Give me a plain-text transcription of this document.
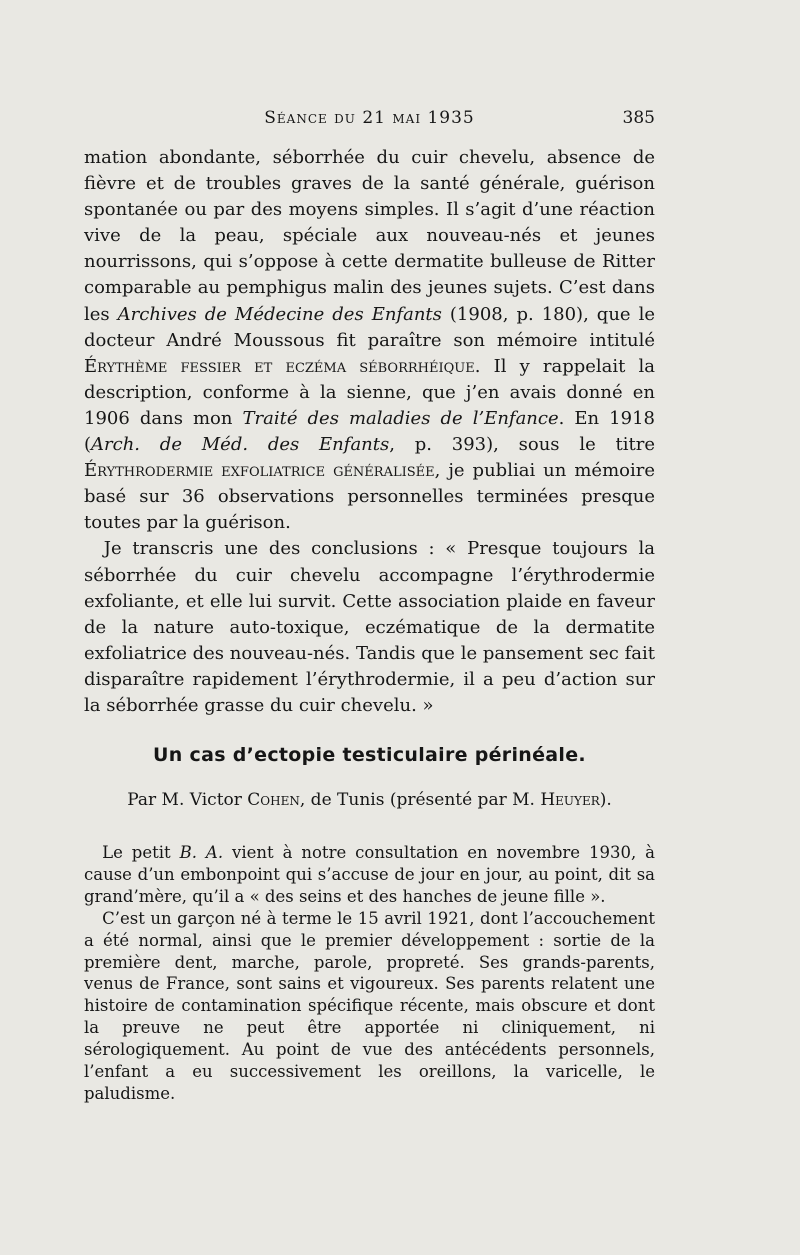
Séance du 21 mai 1935	385

mation abondante, séborrhée du cuir chevelu, absence de fièvre et de troubles graves de la santé générale, guérison spontanée ou par des moyens simples. Il s’agit d’une réaction vive de la peau, spéciale aux nouveau-nés et jeunes nourrissons, qui s’oppose à cette dermatite bulleuse de Ritter comparable au pemphigus malin des jeunes sujets. C’est dans les Archives de Médecine des Enfants (1908, p. 180), que le docteur André Moussous fit paraître son mémoire intitulé Érythème fessier et eczéma séborrhéique. Il y rappelait la description, conforme à la sienne, que j’en avais donné en 1906 dans mon Traité des maladies de l’Enfance. En 1918 (Arch. de Méd. des Enfants, p. 393), sous le titre Érythrodermie exfoliatrice généralisée, je publiai un mémoire basé sur 36 observations personnelles terminées presque toutes par la guérison.

Je transcris une des conclusions : « Presque toujours la séborrhée du cuir chevelu accompagne l’érythrodermie exfoliante, et elle lui survit. Cette association plaide en faveur de la nature auto-toxique, eczématique de la dermatite exfoliatrice des nouveau-nés. Tandis que le pansement sec fait disparaître rapidement l’érythrodermie, il a peu d’action sur la séborrhée grasse du cuir chevelu. »

Un cas d’ectopie testiculaire périnéale.
Par M. Victor Cohen, de Tunis (présenté par M. Heuyer).

Le petit B. A. vient à notre consultation en novembre 1930, à cause d’un embonpoint qui s’accuse de jour en jour, au point, dit sa grand’mère, qu’il a « des seins et des hanches de jeune fille ».

C’est un garçon né à terme le 15 avril 1921, dont l’accouchement a été normal, ainsi que le premier développement : sortie de la première dent, marche, parole, propreté. Ses grands-parents, venus de France, sont sains et vigoureux. Ses parents relatent une histoire de contamination spécifique récente, mais obscure et dont la preuve ne peut être apportée ni cliniquement, ni sérologiquement. Au point de vue des antécédents personnels, l’enfant a eu successivement les oreillons, la varicelle, le paludisme.
